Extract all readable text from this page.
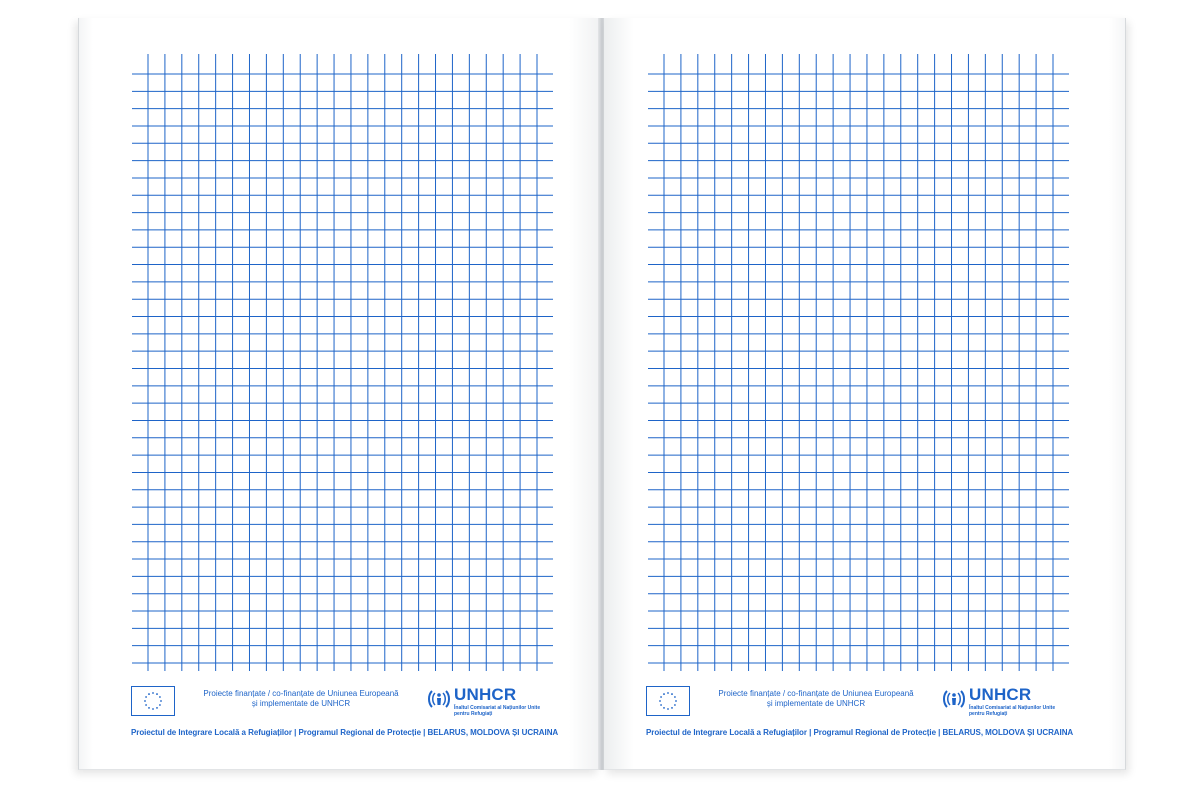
Proiecte finanțate / co-finanțate de Uniunea Europeană
și implementate de UNHCR	UNHCR
Înaltul Comisariat al Națiunilor Unite
pentru Refugiați
Proiectul de Integrare Locală a Refugiaților | Programul Regional de Protecție | BELARUS, MOLDOVA ȘI UCRAINA
Proiecte finanțate / co-finanțate de Uniunea Europeană
și implementate de UNHCR	UNHCR
Înaltul Comisariat al Națiunilor Unite
pentru Refugiați
Proiectul de Integrare Locală a Refugiaților | Programul Regional de Protecție | BELARUS, MOLDOVA ȘI UCRAINA
